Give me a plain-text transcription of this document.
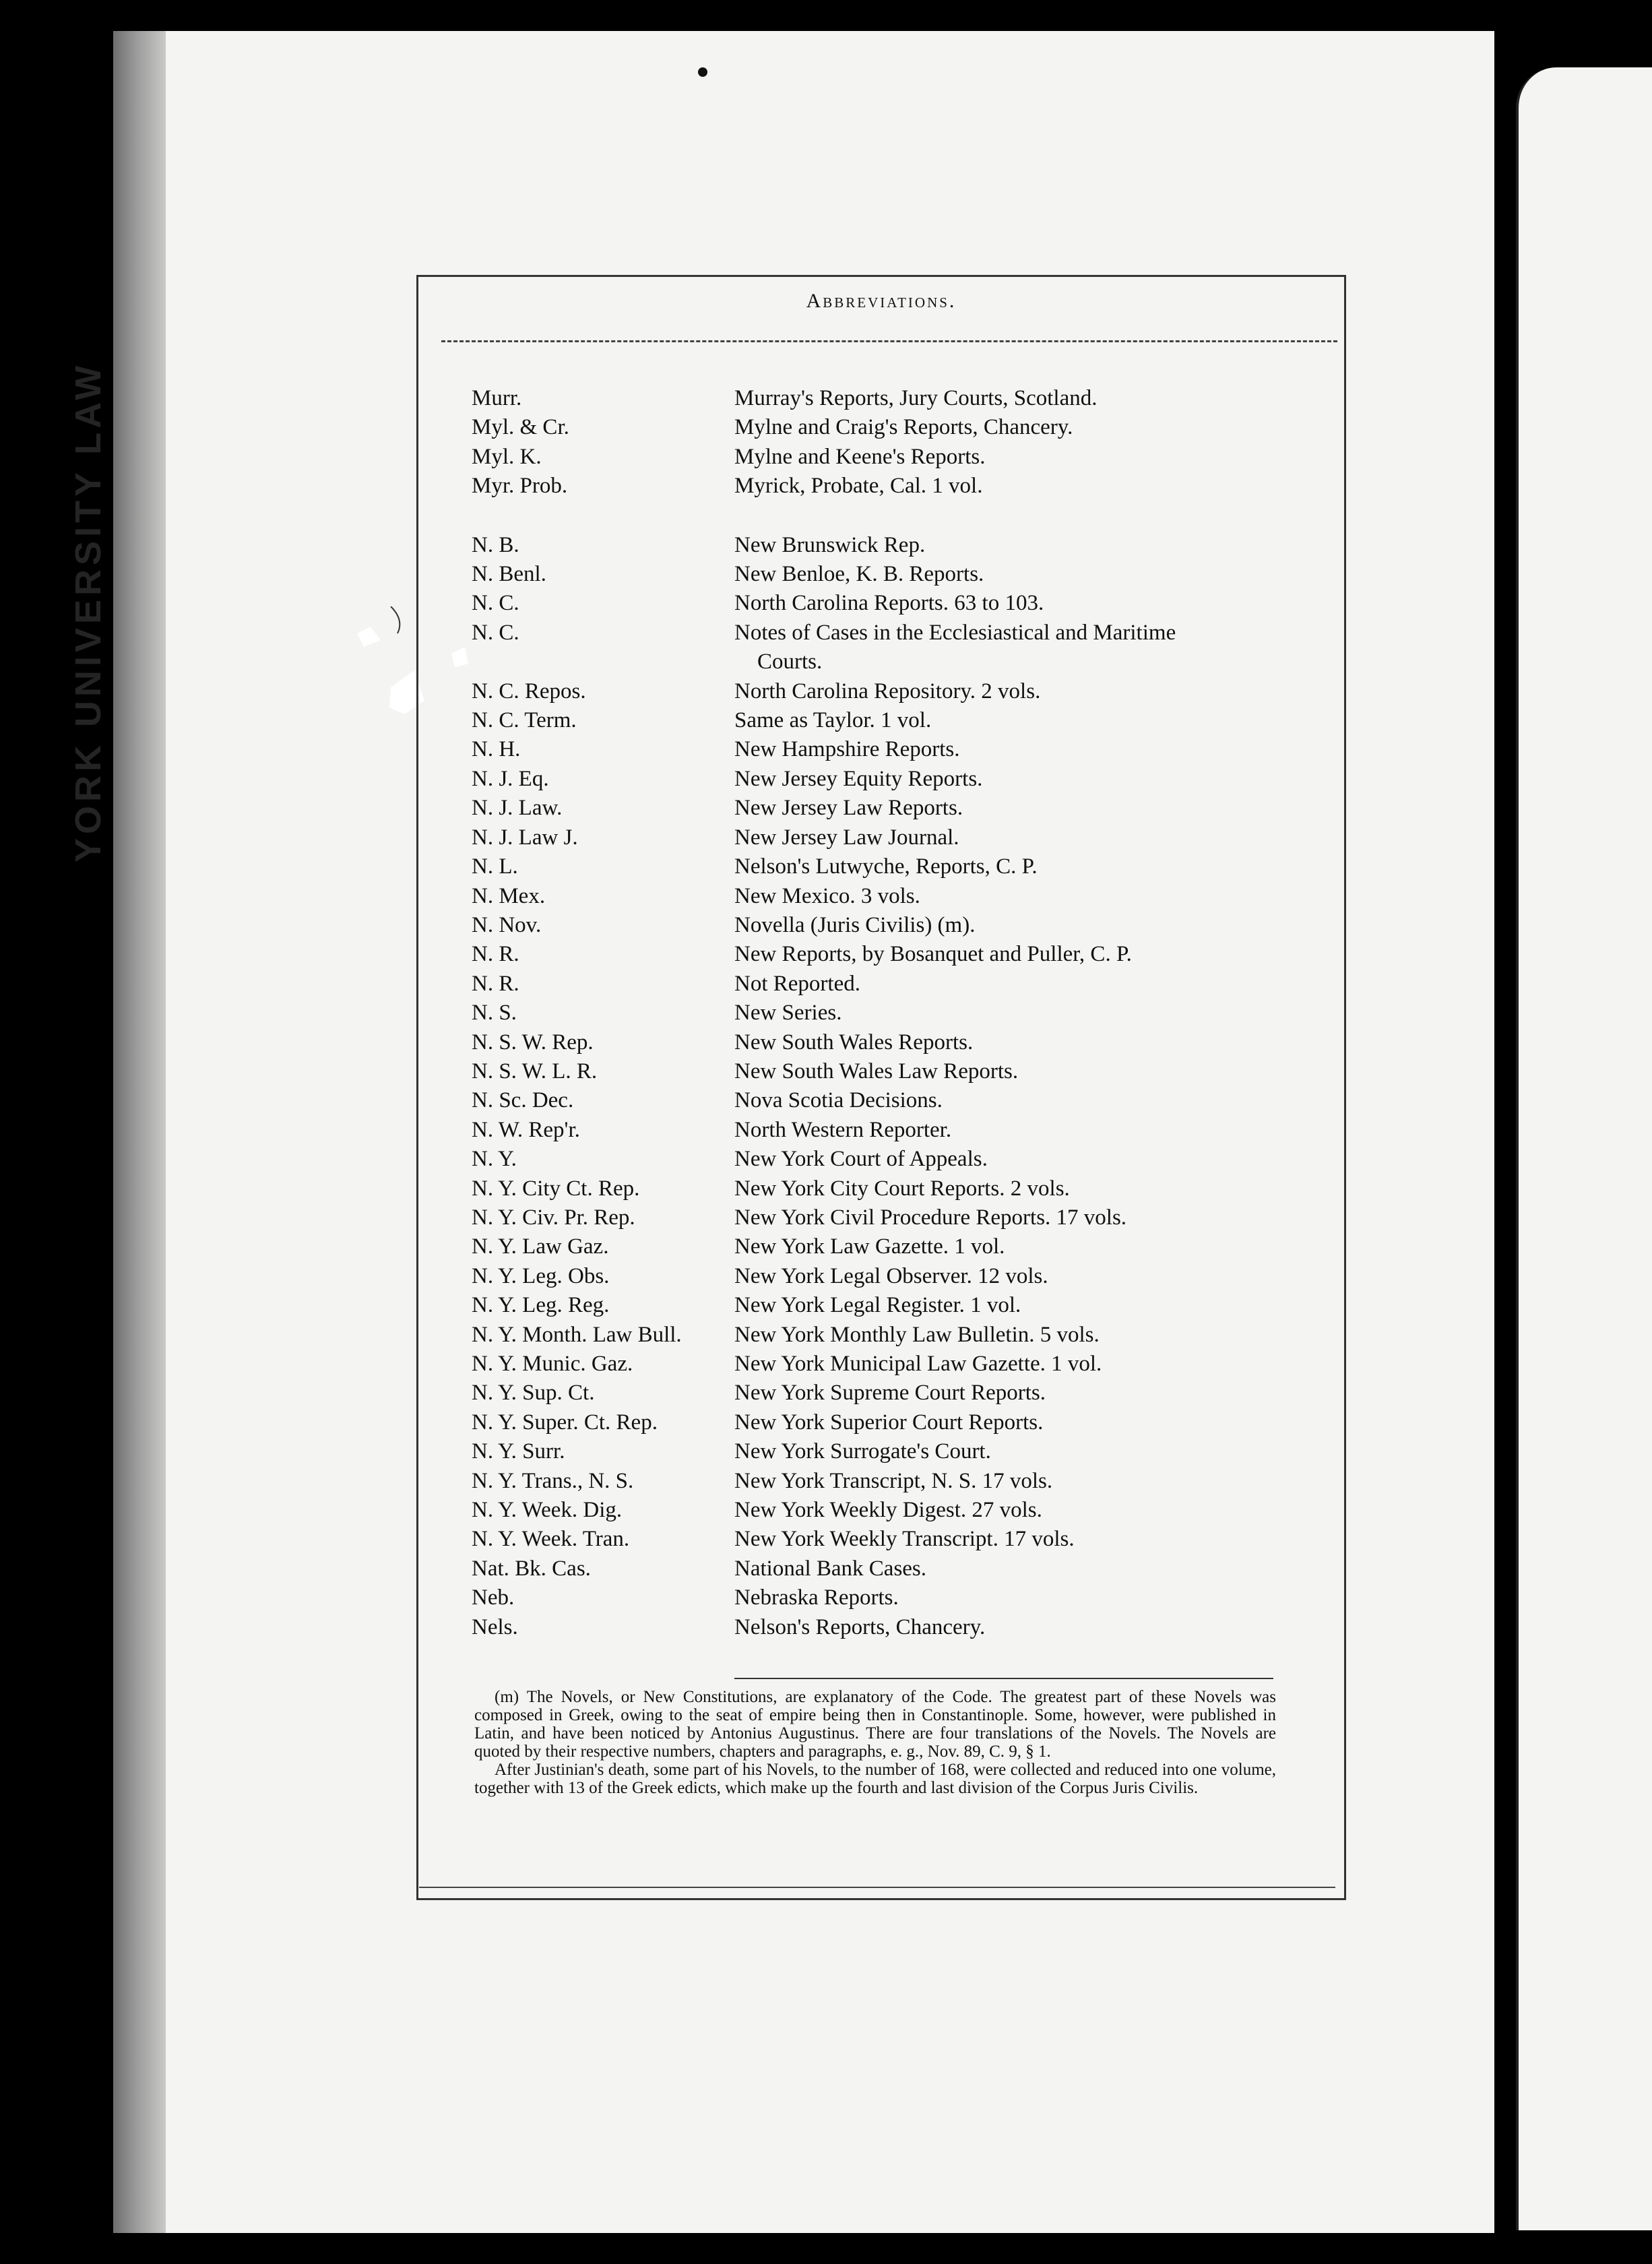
YORK UNIVERSITY LAW
Abbreviations.
Murr.	Murray's Reports, Jury Courts, Scotland.
Myl. & Cr.	Mylne and Craig's Reports, Chancery.
Myl. K.	Mylne and Keene's Reports.
Myr. Prob.	Myrick, Probate, Cal. 1 vol.
N. B.	New Brunswick Rep.
N. Benl.	New Benloe, K. B. Reports.
N. C.	North Carolina Reports. 63 to 103.
N. C.	Notes of Cases in the Ecclesiastical and Maritime
Courts.
N. C. Repos.	North Carolina Repository. 2 vols.
N. C. Term.	Same as Taylor. 1 vol.
N. H.	New Hampshire Reports.
N. J. Eq.	New Jersey Equity Reports.
N. J. Law.	New Jersey Law Reports.
N. J. Law J.	New Jersey Law Journal.
N. L.	Nelson's Lutwyche, Reports, C. P.
N. Mex.	New Mexico. 3 vols.
N. Nov.	Novella (Juris Civilis) (m).
N. R.	New Reports, by Bosanquet and Puller, C. P.
N. R.	Not Reported.
N. S.	New Series.
N. S. W. Rep.	New South Wales Reports.
N. S. W. L. R.	New South Wales Law Reports.
N. Sc. Dec.	Nova Scotia Decisions.
N. W. Rep'r.	North Western Reporter.
N. Y.	New York Court of Appeals.
N. Y. City Ct. Rep.	New York City Court Reports. 2 vols.
N. Y. Civ. Pr. Rep.	New York Civil Procedure Reports. 17 vols.
N. Y. Law Gaz.	New York Law Gazette. 1 vol.
N. Y. Leg. Obs.	New York Legal Observer. 12 vols.
N. Y. Leg. Reg.	New York Legal Register. 1 vol.
N. Y. Month. Law Bull.	New York Monthly Law Bulletin. 5 vols.
N. Y. Munic. Gaz.	New York Municipal Law Gazette. 1 vol.
N. Y. Sup. Ct.	New York Supreme Court Reports.
N. Y. Super. Ct. Rep.	New York Superior Court Reports.
N. Y. Surr.	New York Surrogate's Court.
N. Y. Trans., N. S.	New York Transcript, N. S. 17 vols.
N. Y. Week. Dig.	New York Weekly Digest. 27 vols.
N. Y. Week. Tran.	New York Weekly Transcript. 17 vols.
Nat. Bk. Cas.	National Bank Cases.
Neb.	Nebraska Reports.
Nels.	Nelson's Reports, Chancery.

(m) The Novels, or New Constitutions, are explanatory of the Code. The greatest part of these Novels was composed in Greek, owing to the seat of empire being then in Constantinople. Some, however, were published in Latin, and have been noticed by Antonius Augustinus. There are four translations of the Novels. The Novels are quoted by their respective numbers, chapters and paragraphs, e. g., Nov. 89, C. 9, § 1.

After Justinian's death, some part of his Novels, to the number of 168, were collected and reduced into one volume, together with 13 of the Greek edicts, which make up the fourth and last division of the Corpus Juris Civilis.
